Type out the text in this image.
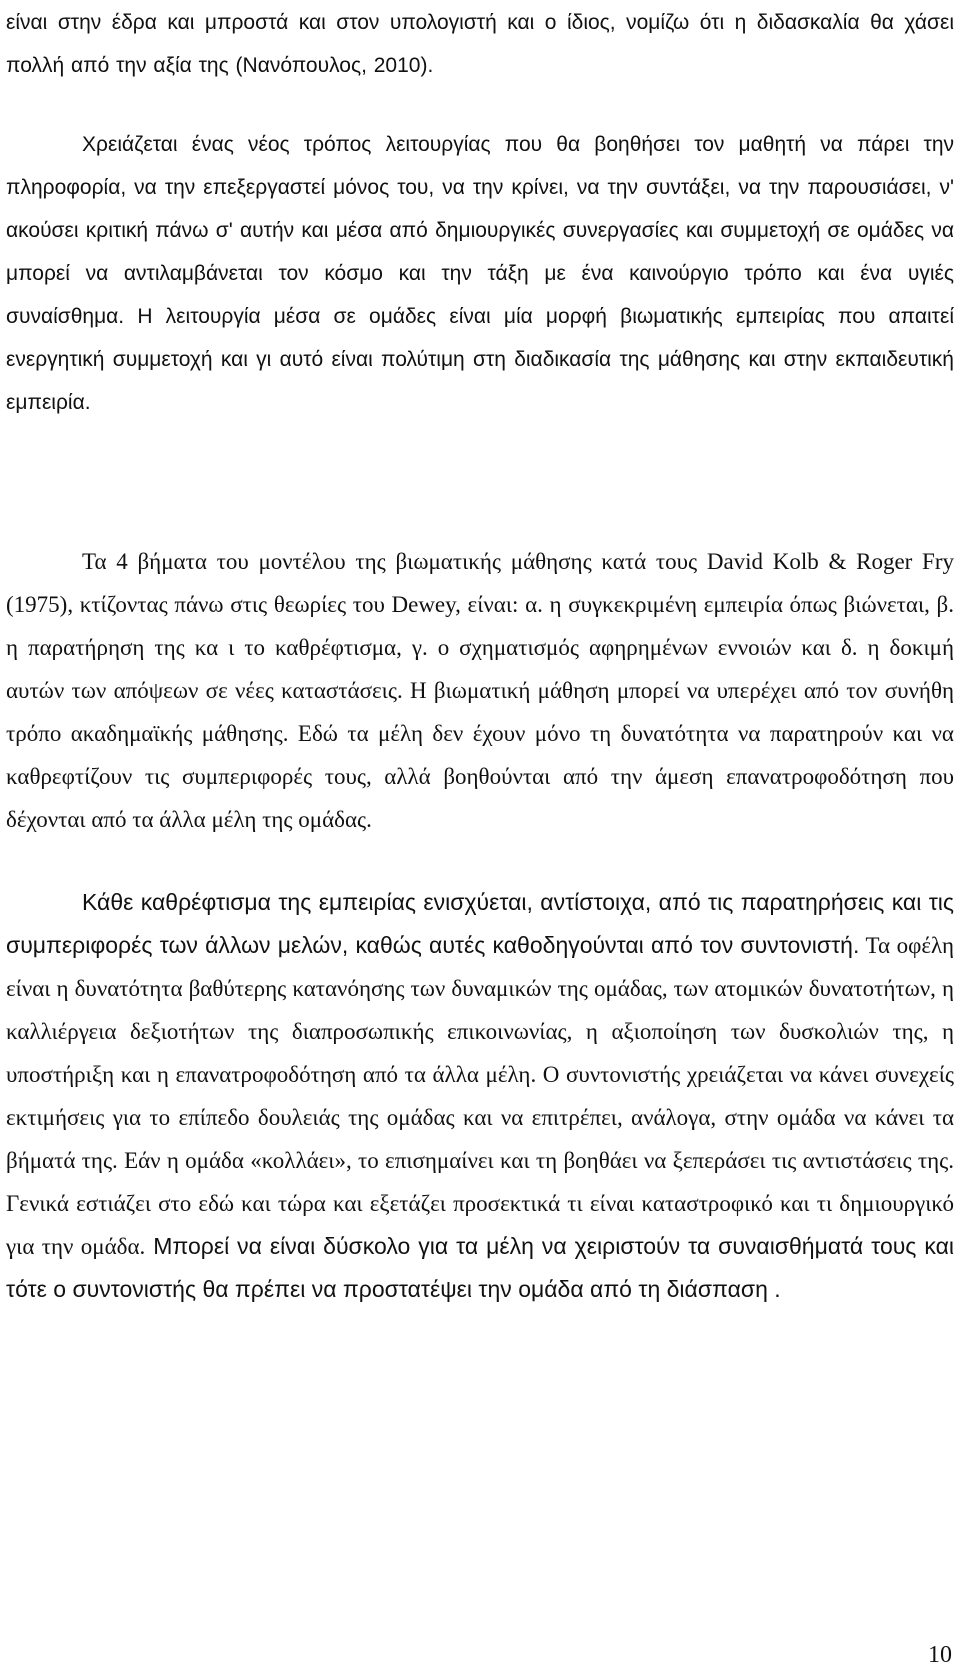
είναι στην έδρα και μπροστά και στον υπολογιστή και ο ίδιος, νομίζω ότι η διδασκαλία θα χάσει πολλή από την αξία της (Νανόπουλος, 2010).

Χρειάζεται ένας νέος τρόπος λειτουργίας που θα βοηθήσει τον μαθητή να πάρει την πληροφορία, να την επεξεργαστεί μόνος του, να την κρίνει, να την συντάξει, να την παρουσιάσει, ν' ακούσει κριτική πάνω σ' αυτήν και μέσα από δημιουργικές συνεργασίες και συμμετοχή σε ομάδες να μπορεί να αντιλαμβάνεται τον κόσμο και την τάξη με ένα καινούργιο τρόπο και ένα υγιές συναίσθημα. Η λειτουργία μέσα σε ομάδες είναι μία μορφή βιωματικής εμπειρίας που απαιτεί ενεργητική συμμετοχή και γι αυτό είναι πολύτιμη στη διαδικασία της μάθησης και στην εκπαιδευτική εμπειρία.

Τα 4 βήματα του μοντέλου της βιωματικής μάθησης κατά τους David Kolb & Roger Fry (1975), κτίζοντας πάνω στις θεωρίες του Dewey, είναι: α. η συγκεκριμένη εμπειρία όπως βιώνεται, β. η παρατήρηση της κα ι το καθρέφτισμα, γ. ο σχηματισμός αφηρημένων εννοιών και δ. η δοκιμή αυτών των απόψεων σε νέες καταστάσεις. Η βιωματική μάθηση μπορεί να υπερέχει από τον συνήθη τρόπο ακαδημαϊκής μάθησης. Εδώ τα μέλη δεν έχουν μόνο τη δυνατότητα να παρατηρούν και να καθρεφτίζουν τις συμπεριφορές τους, αλλά βοηθούνται από την άμεση επανατροφοδότηση που δέχονται από τα άλλα μέλη της ομάδας.

Κάθε καθρέφτισμα της εμπειρίας ενισχύεται, αντίστοιχα, από τις παρατηρήσεις και τις συμπεριφορές των άλλων μελών, καθώς αυτές καθοδηγούνται από τον συντονιστή. Τα οφέλη είναι η δυνατότητα βαθύτερης κατανόησης των δυναμικών της ομάδας, των ατομικών δυνατοτήτων, η καλλιέργεια δεξιοτήτων της διαπροσωπικής επικοινωνίας, η αξιοποίηση των δυσκολιών της, η υποστήριξη και η επανατροφοδότηση από τα άλλα μέλη. Ο συντονιστής χρειάζεται να κάνει συνεχείς εκτιμήσεις για το επίπεδο δουλειάς της ομάδας και να επιτρέπει, ανάλογα, στην ομάδα να κάνει τα βήματά της. Εάν η ομάδα «κολλάει», το επισημαίνει και τη βοηθάει να ξεπεράσει τις αντιστάσεις της. Γενικά εστιάζει στο εδώ και τώρα και εξετάζει προσεκτικά τι είναι καταστροφικό και τι δημιουργικό για την ομάδα. Μπορεί να είναι δύσκολο για τα μέλη να χειριστούν τα συναισθήματά τους και τότε ο συντονιστής θα πρέπει να προστατέψει την ομάδα από τη διάσπαση .

10
